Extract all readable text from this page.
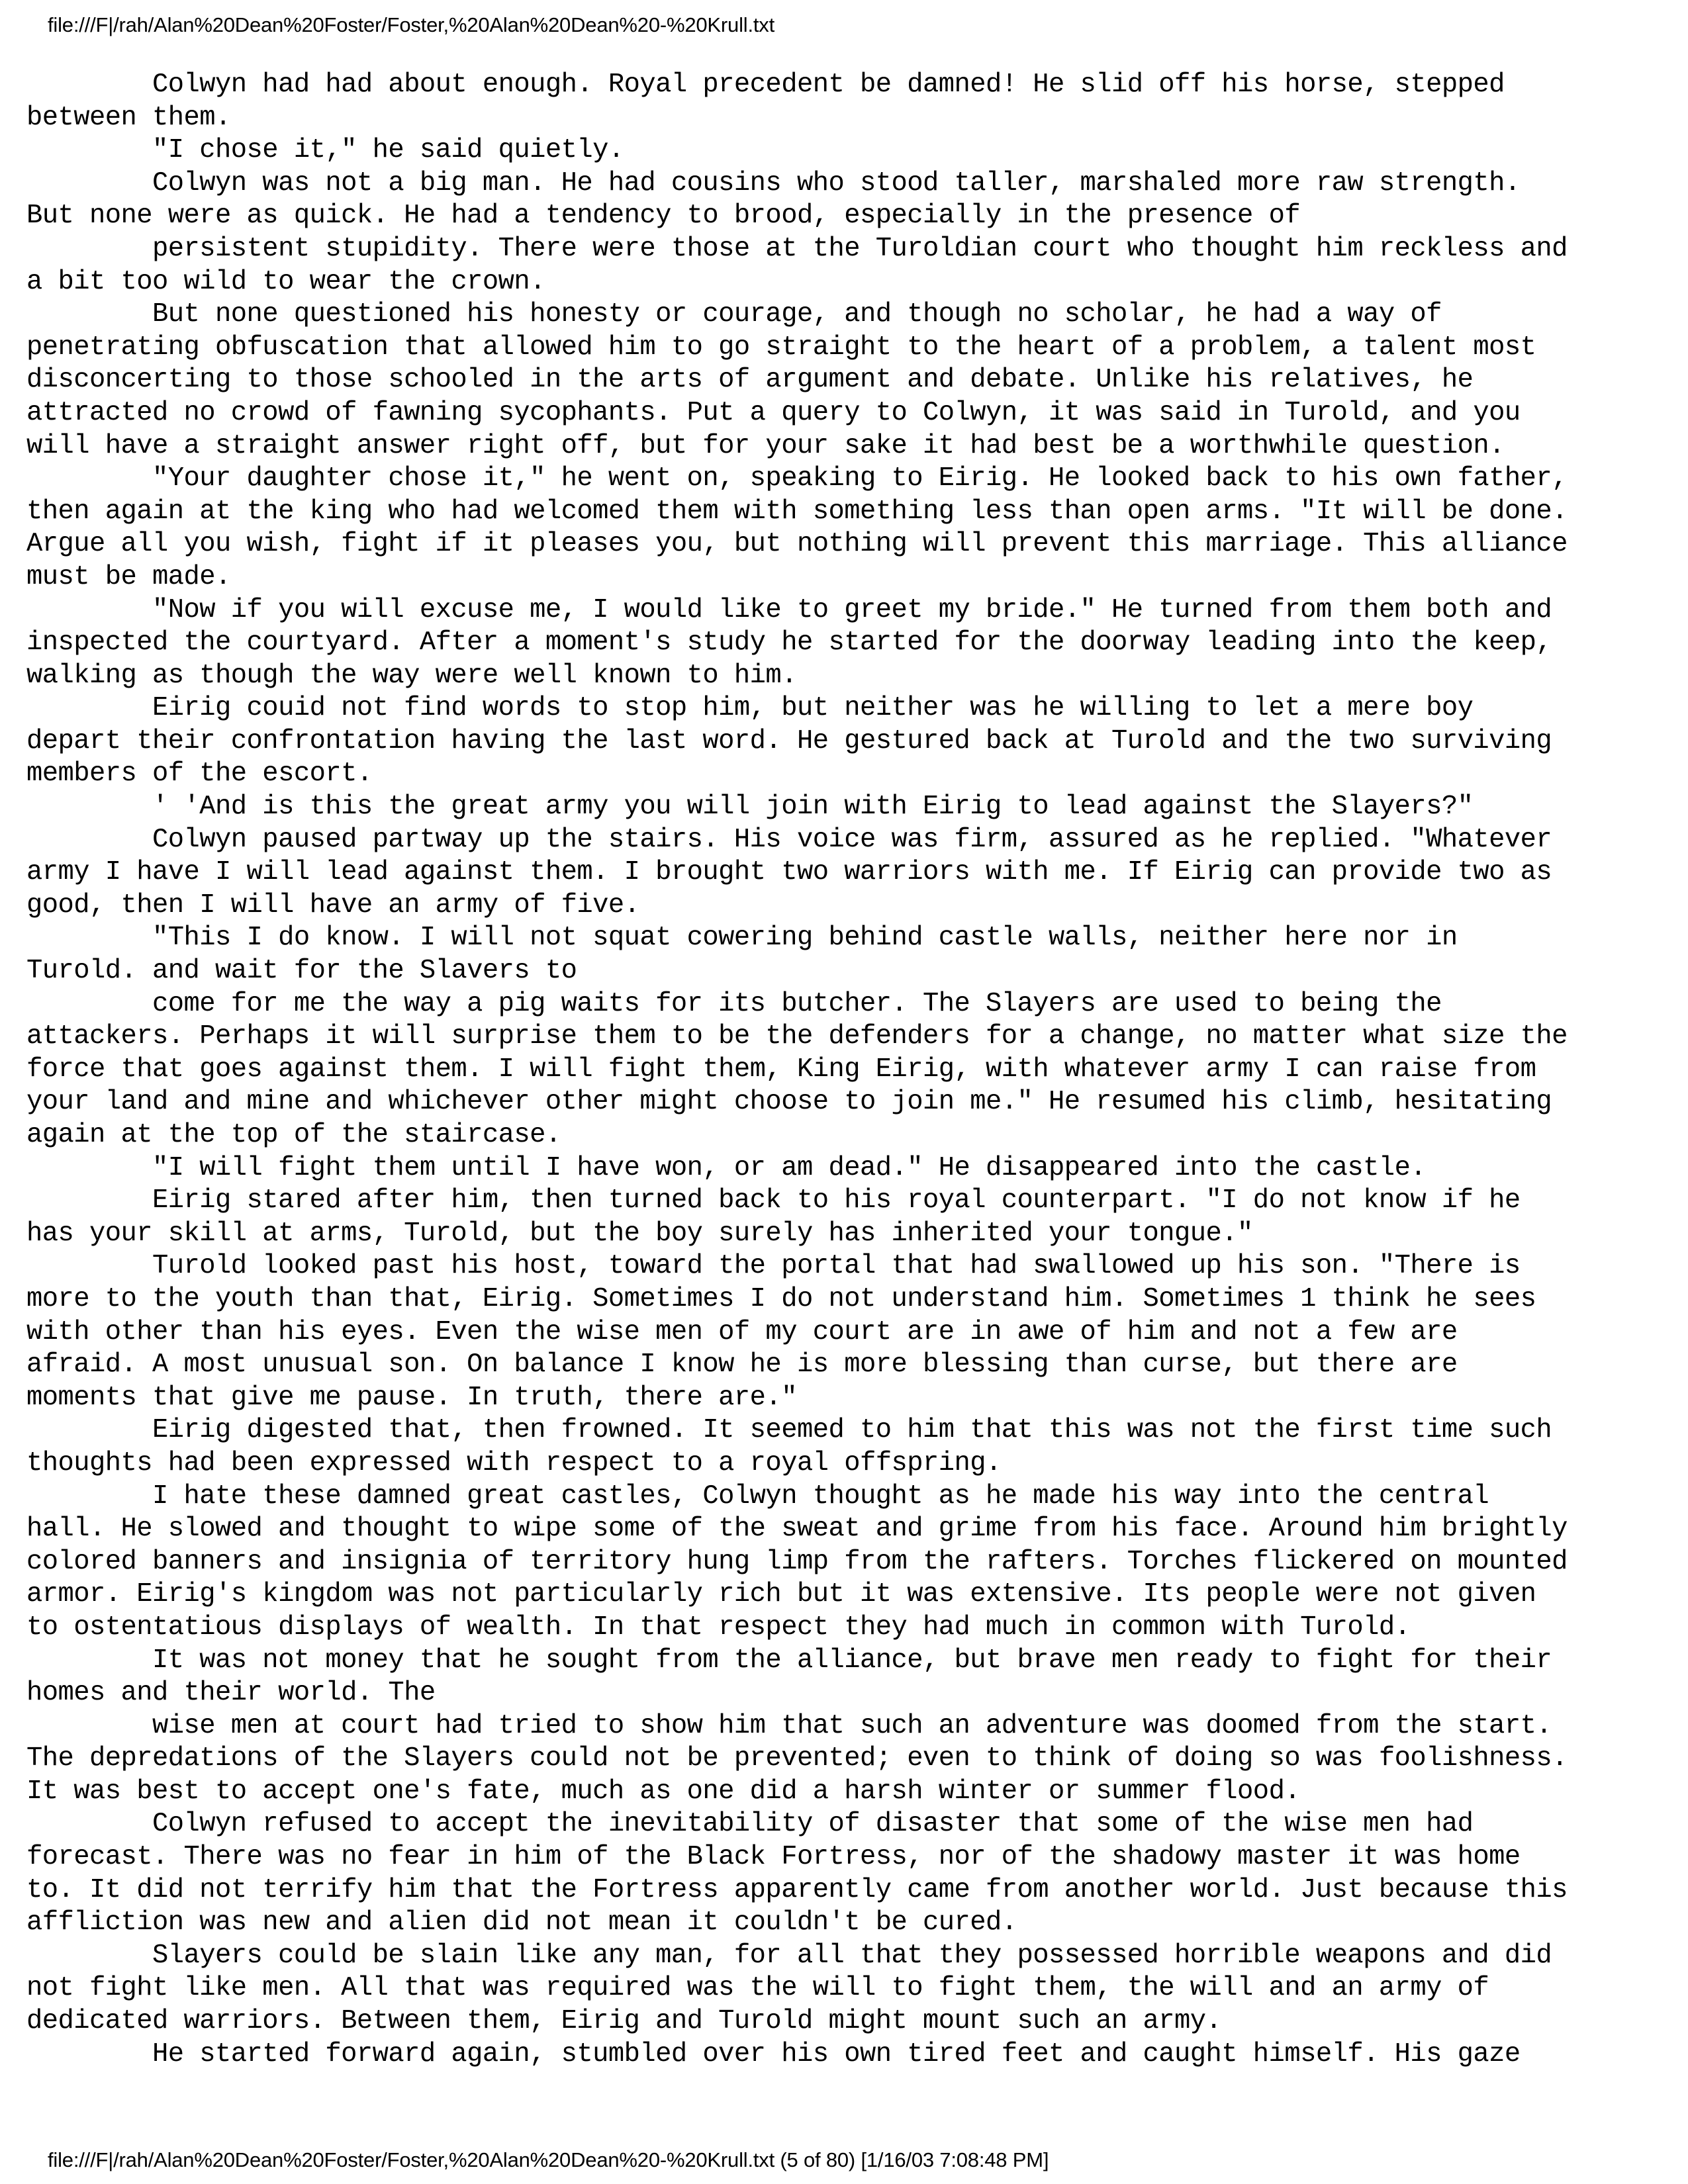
file:///F|/rah/Alan%20Dean%20Foster/Foster,%20Alan%20Dean%20-%20Krull.txt
Colwyn had had about enough. Royal precedent be damned! He slid off his horse, stepped
between them.
"I chose it," he said quietly.
Colwyn was not a big man. He had cousins who stood taller, marshaled more raw strength.
But none were as quick. He had a tendency to brood, especially in the presence of
persistent stupidity. There were those at the Turoldian court who thought him reckless and
a bit too wild to wear the crown.
But none questioned his honesty or courage, and though no scholar, he had a way of
penetrating obfuscation that allowed him to go straight to the heart of a problem, a talent most
disconcerting to those schooled in the arts of argument and debate. Unlike his relatives, he
attracted no crowd of fawning sycophants. Put a query to Colwyn, it was said in Turold, and you
will have a straight answer right off, but for your sake it had best be a worthwhile question.
"Your daughter chose it," he went on, speaking to Eirig. He looked back to his own father,
then again at the king who had welcomed them with something less than open arms. "It will be done.
Argue all you wish, fight if it pleases you, but nothing will prevent this marriage. This alliance
must be made.
"Now if you will excuse me, I would like to greet my bride." He turned from them both and
inspected the courtyard. After a moment's study he started for the doorway leading into the keep,
walking as though the way were well known to him.
Eirig couid not find words to stop him, but neither was he willing to let a mere boy
depart their confrontation having the last word. He gestured back at Turold and the two surviving
members of the escort.
' 'And is this the great army you will join with Eirig to lead against the Slayers?"
Colwyn paused partway up the stairs. His voice was firm, assured as he replied. "Whatever
army I have I will lead against them. I brought two warriors with me. If Eirig can provide two as
good, then I will have an army of five.
"This I do know. I will not squat cowering behind castle walls, neither here nor in
Turold. and wait for the Slavers to
come for me the way a pig waits for its butcher. The Slayers are used to being the
attackers. Perhaps it will surprise them to be the defenders for a change, no matter what size the
force that goes against them. I will fight them, King Eirig, with whatever army I can raise from
your land and mine and whichever other might choose to join me." He resumed his climb, hesitating
again at the top of the staircase.
"I will fight them until I have won, or am dead." He disappeared into the castle.
Eirig stared after him, then turned back to his royal counterpart. "I do not know if he
has your skill at arms, Turold, but the boy surely has inherited your tongue."
Turold looked past his host, toward the portal that had swallowed up his son. "There is
more to the youth than that, Eirig. Sometimes I do not understand him. Sometimes 1 think he sees
with other than his eyes. Even the wise men of my court are in awe of him and not a few are
afraid. A most unusual son. On balance I know he is more blessing than curse, but there are
moments that give me pause. In truth, there are."
Eirig digested that, then frowned. It seemed to him that this was not the first time such
thoughts had been expressed with respect to a royal offspring.
I hate these damned great castles, Colwyn thought as he made his way into the central
hall. He slowed and thought to wipe some of the sweat and grime from his face. Around him brightly
colored banners and insignia of territory hung limp from the rafters. Torches flickered on mounted
armor. Eirig's kingdom was not particularly rich but it was extensive. Its people were not given
to ostentatious displays of wealth. In that respect they had much in common with Turold.
It was not money that he sought from the alliance, but brave men ready to fight for their
homes and their world. The
wise men at court had tried to show him that such an adventure was doomed from the start.
The depredations of the Slayers could not be prevented; even to think of doing so was foolishness.
It was best to accept one's fate, much as one did a harsh winter or summer flood.
Colwyn refused to accept the inevitability of disaster that some of the wise men had
forecast. There was no fear in him of the Black Fortress, nor of the shadowy master it was home
to. It did not terrify him that the Fortress apparently came from another world. Just because this
affliction was new and alien did not mean it couldn't be cured.
Slayers could be slain like any man, for all that they possessed horrible weapons and did
not fight like men. All that was required was the will to fight them, the will and an army of
dedicated warriors. Between them, Eirig and Turold might mount such an army.
He started forward again, stumbled over his own tired feet and caught himself. His gaze
file:///F|/rah/Alan%20Dean%20Foster/Foster,%20Alan%20Dean%20-%20Krull.txt (5 of 80) [1/16/03 7:08:48 PM]
